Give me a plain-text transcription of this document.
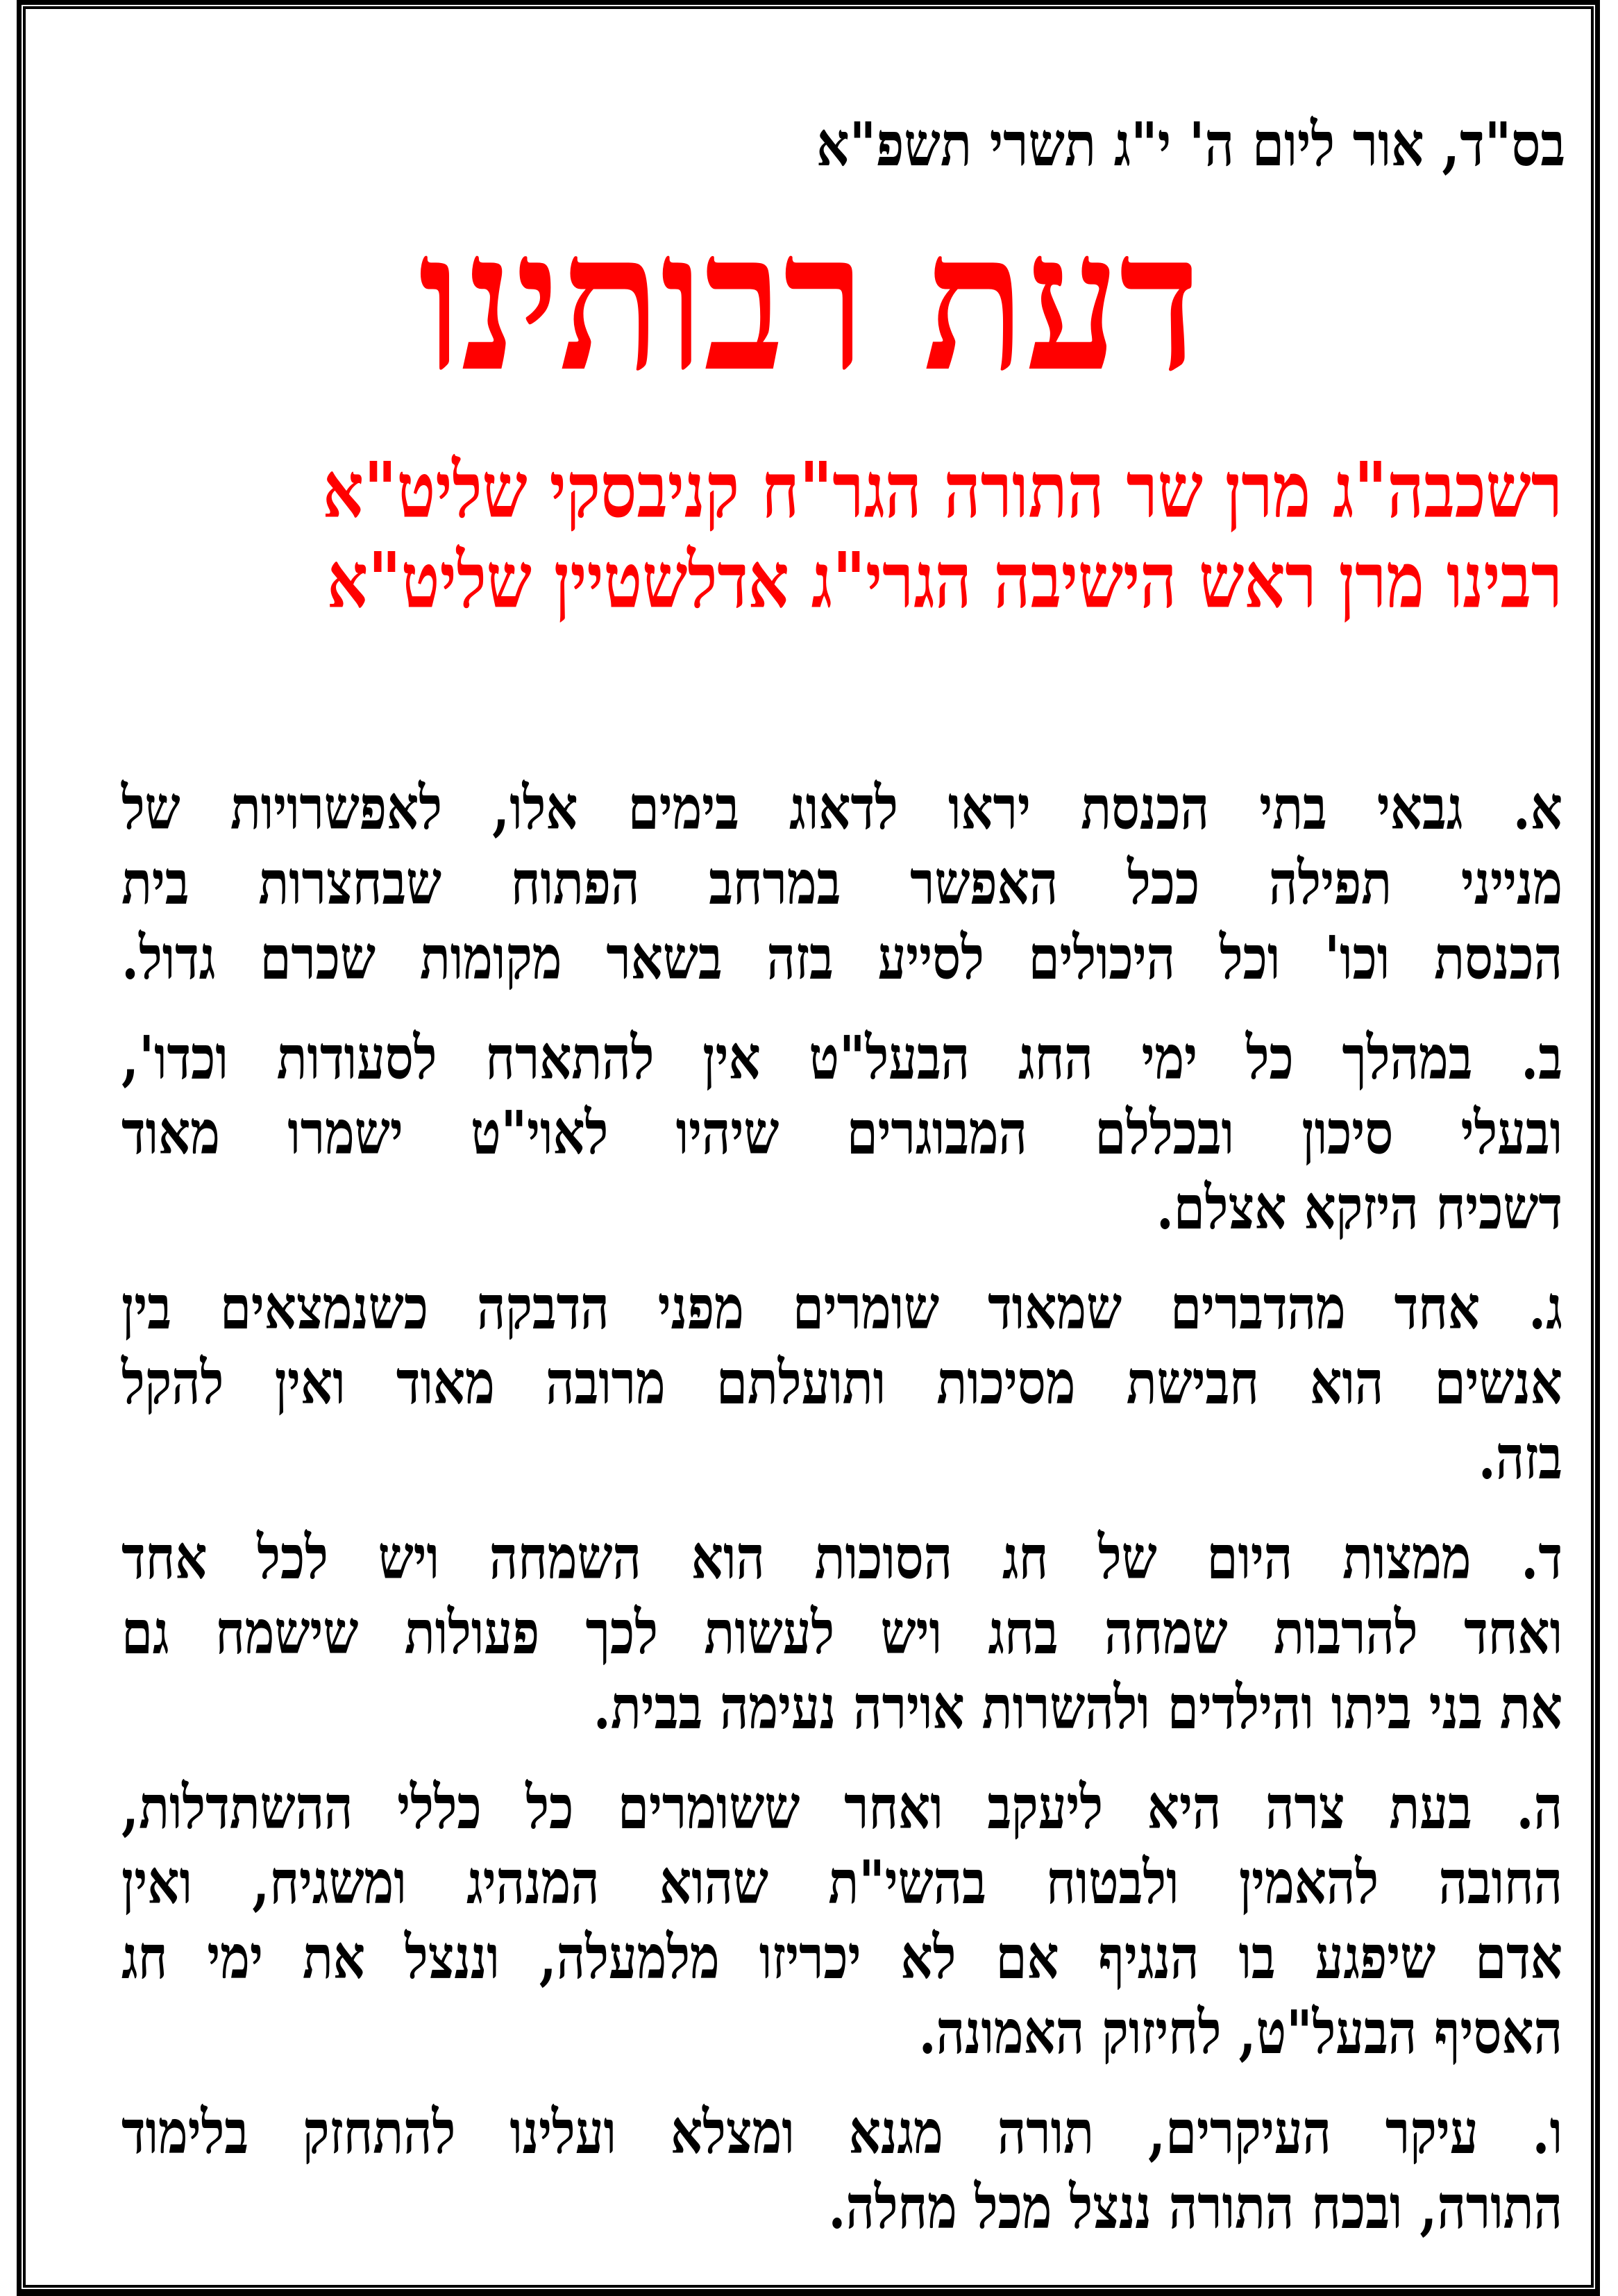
בס"ד, אור ליום ה' י"ג תשרי תשפ"א
דעת רבותינו
רשכבה"ג מרן שר התורה הגר"ח קניבסקי שליט"א
רבינו מרן ראש הישיבה הגרי"ג אדלשטיין שליט"א
א. גבאי בתי הכנסת יראו לדאוג בימים אלו, לאפשרויות של
מנייני תפילה ככל האפשר במרחב הפתוח שבחצרות בית
הכנסת וכו' וכל היכולים לסייע בזה בשאר מקומות שכרם גדול.
ב. במהלך כל ימי החג הבעל"ט אין להתארח לסעודות וכדו',
ובעלי סיכון ובכללם המבוגרים שיהיו לאוי"ט ישמרו מאוד
דשכיח היזקא אצלם.
ג. אחד מהדברים שמאוד שומרים מפני הדבקה כשנמצאים בין
אנשים הוא חבישת מסיכות ותועלתם מרובה מאוד ואין להקל
בזה.
ד. ממצות היום של חג הסוכות הוא השמחה ויש לכל אחד
ואחד להרבות שמחה בחג ויש לעשות לכך פעולות שישמח גם
את בני ביתו והילדים ולהשרות אוירה נעימה בבית.
ה. בעת צרה היא ליעקב ואחר ששומרים כל כללי ההשתדלות,
החובה להאמין ולבטוח בהשי"ת שהוא המנהיג ומשגיח, ואין
אדם שיפגע בו הנגיף אם לא יכריזו מלמעלה, וננצל את ימי חג
האסיף הבעל"ט, לחיזוק האמונה.
ו. עיקר העיקרים, תורה מגנא ומצלא ועלינו להתחזק בלימוד
התורה, ובכח התורה ננצל מכל מחלה.
